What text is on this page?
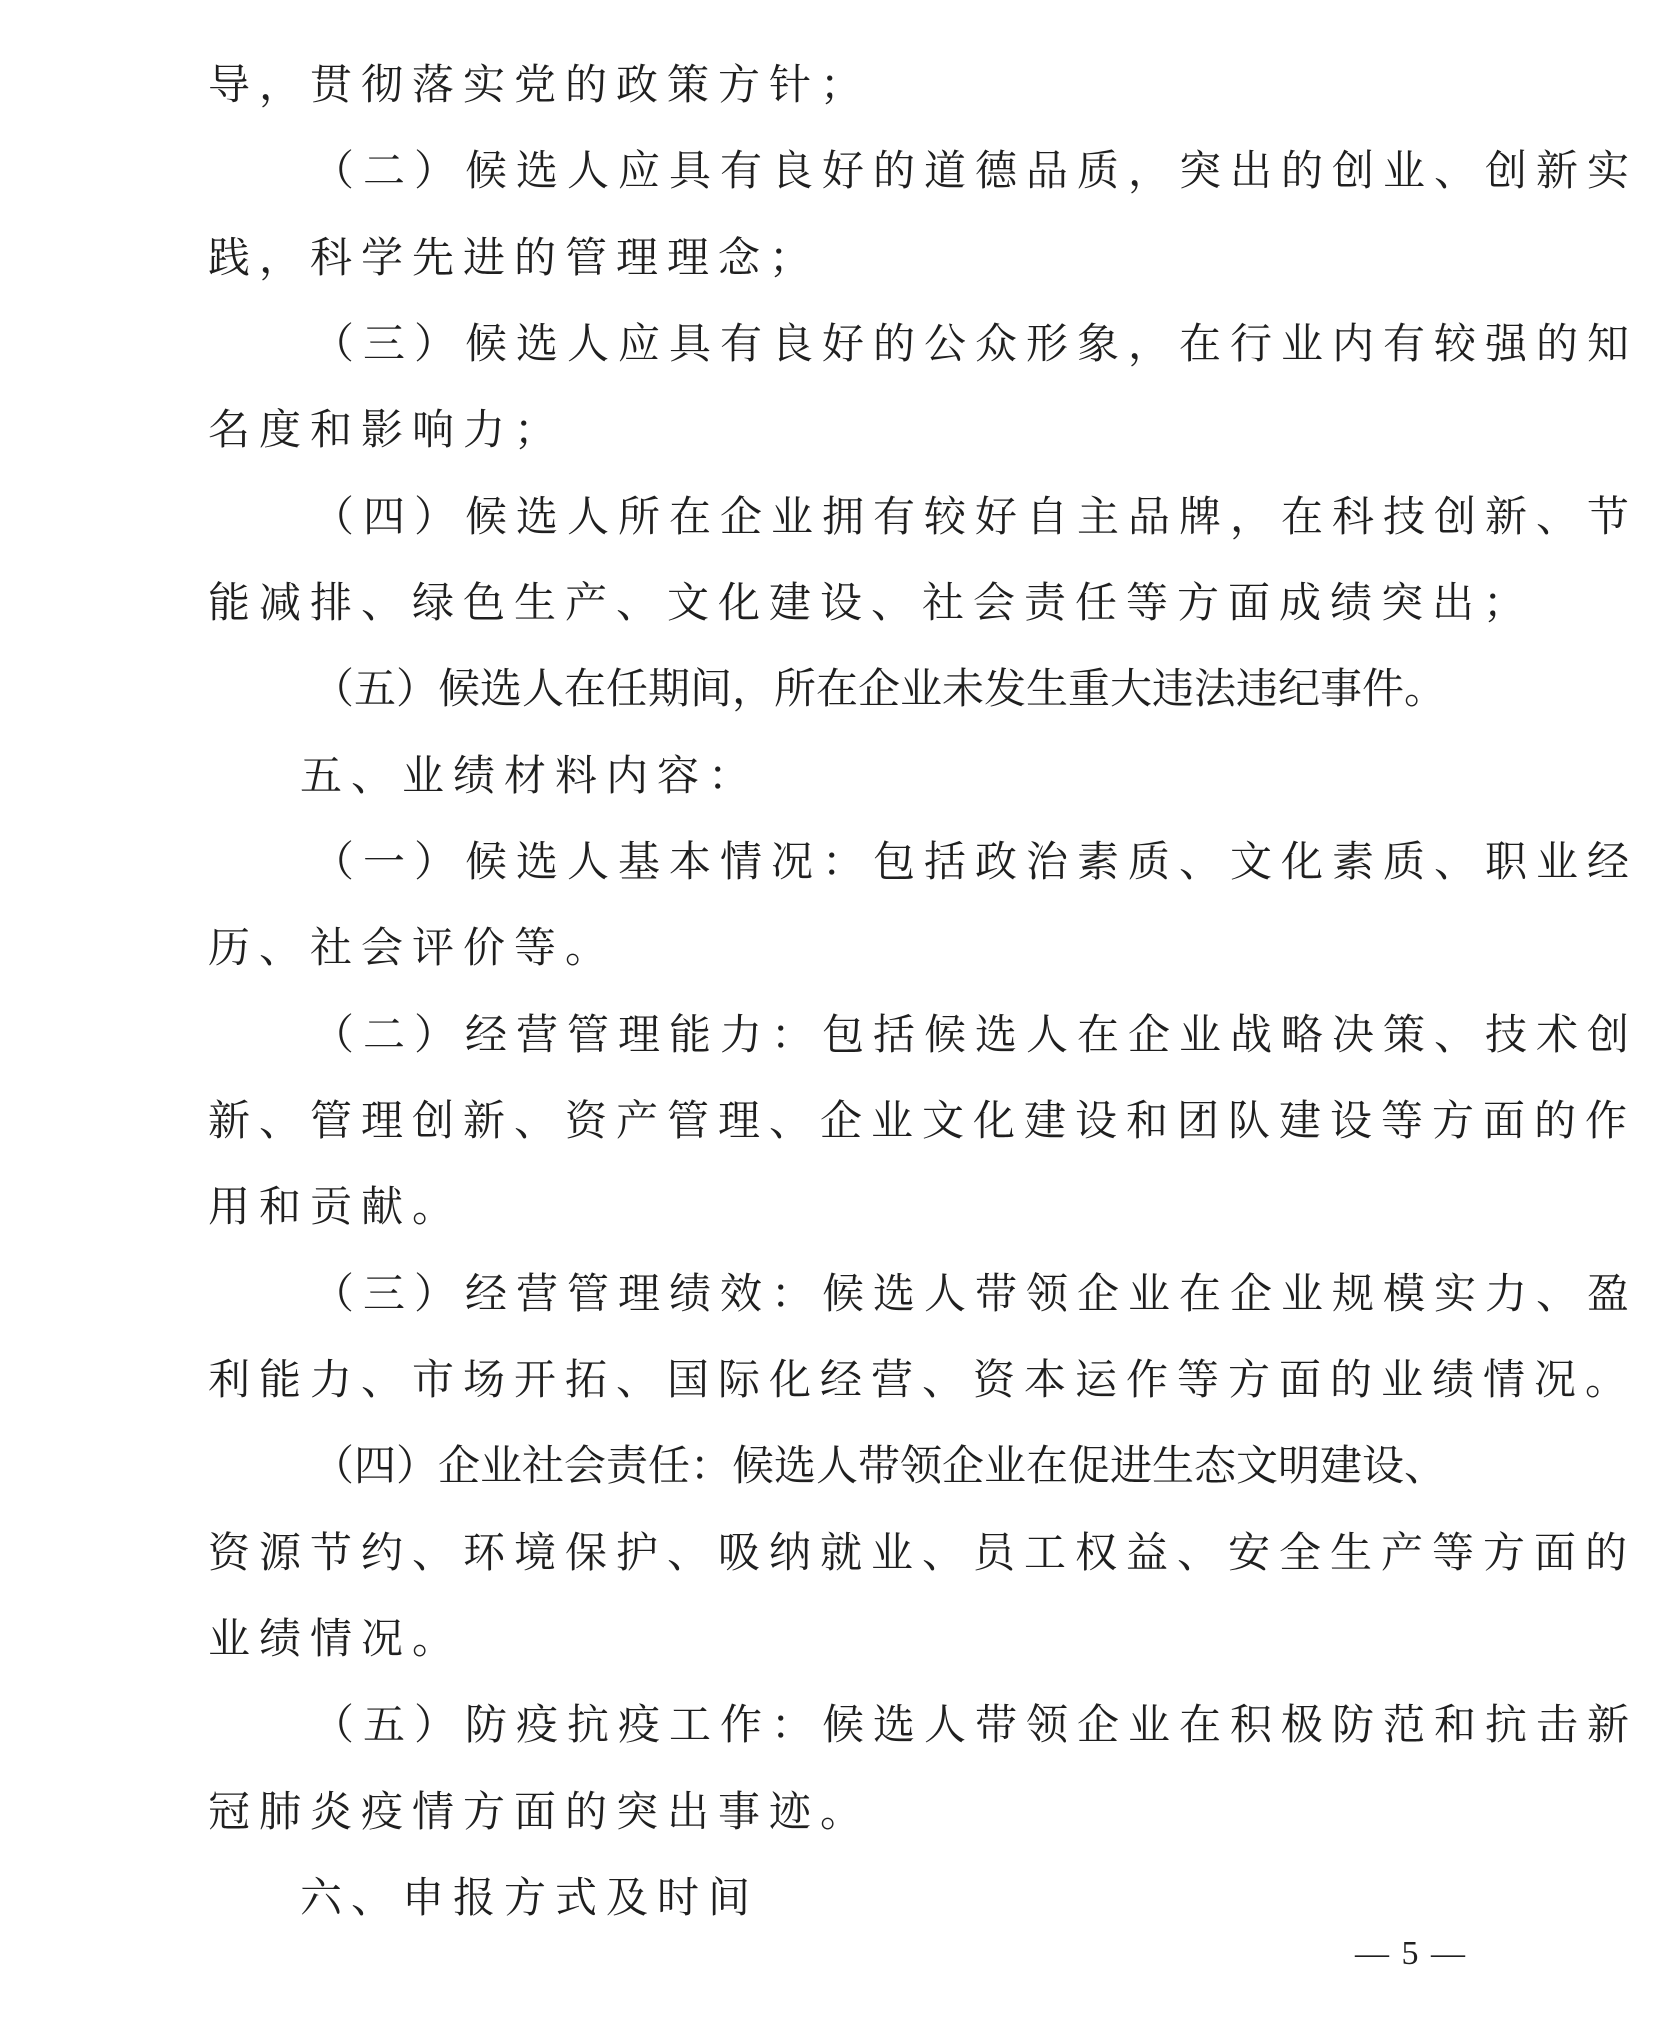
导，贯彻落实党的政策方针；
（二）候选人应具有良好的道德品质，突出的创业、创新实
践，科学先进的管理理念；
（三）候选人应具有良好的公众形象，在行业内有较强的知
名度和影响力；
（四）候选人所在企业拥有较好自主品牌，在科技创新、节
能减排、绿色生产、文化建设、社会责任等方面成绩突出；
（五）候选人在任期间，所在企业未发生重大违法违纪事件。
五、业绩材料内容：
（一）候选人基本情况：包括政治素质、文化素质、职业经
历、社会评价等。
（二）经营管理能力：包括候选人在企业战略决策、技术创
新、管理创新、资产管理、企业文化建设和团队建设等方面的作
用和贡献。
（三）经营管理绩效：候选人带领企业在企业规模实力、盈
利能力、市场开拓、国际化经营、资本运作等方面的业绩情况。
（四）企业社会责任：候选人带领企业在促进生态文明建设、
资源节约、环境保护、吸纳就业、员工权益、安全生产等方面的
业绩情况。
（五）防疫抗疫工作：候选人带领企业在积极防范和抗击新
冠肺炎疫情方面的突出事迹。
六、申报方式及时间
— 5 —
